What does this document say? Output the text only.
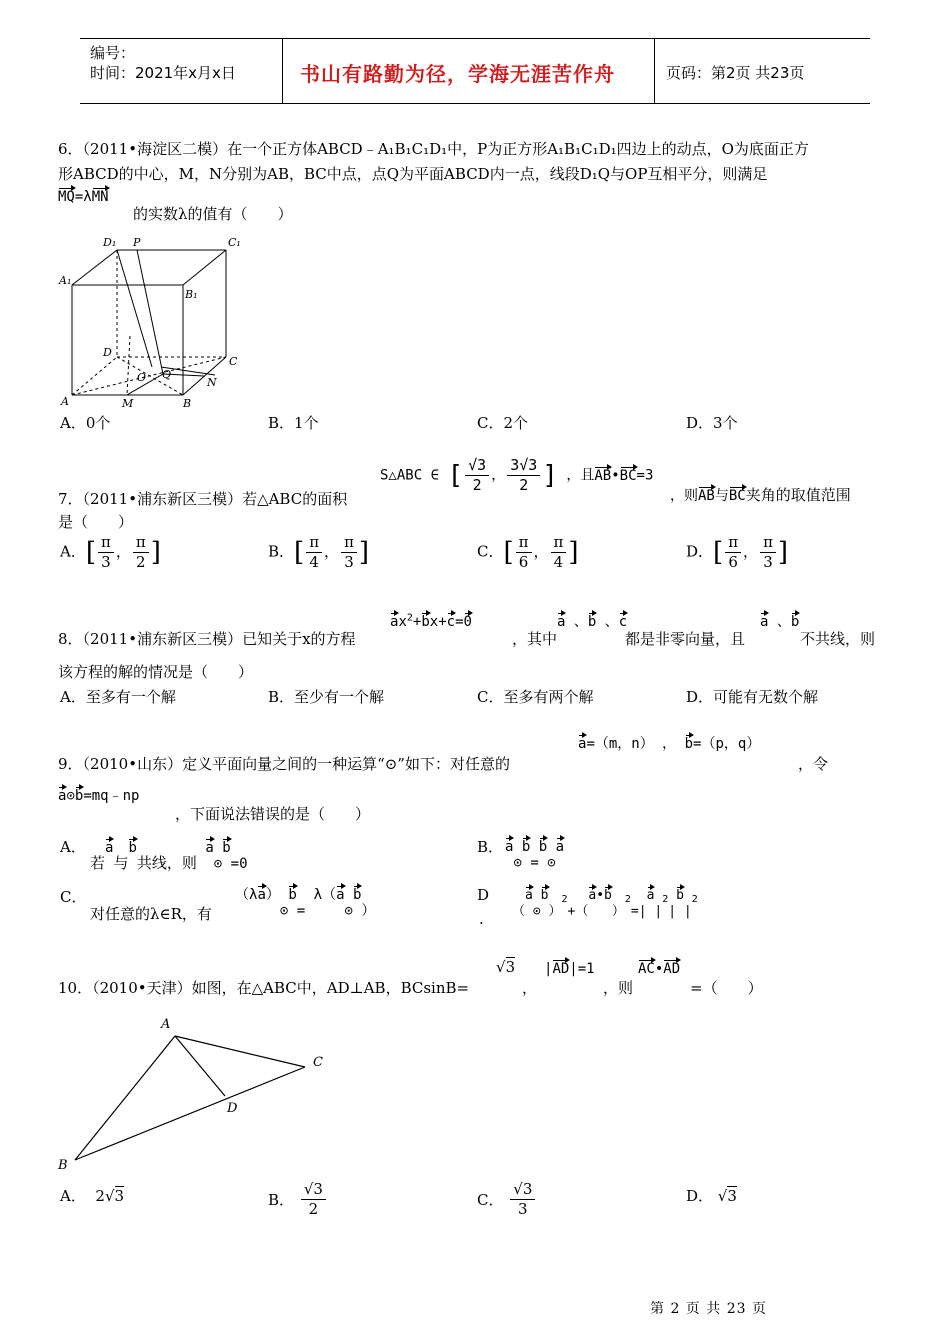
编号：
时间：2021年x月x日	书山有路勤为径，学海无涯苦作舟	页码：第2页 共23页
6．（2011•海淀区二模）在一个正方体ABCD﹣A₁B₁C₁D₁中，P为正方形A₁B₁C₁D₁四边上的动点，O为底面正方
形ABCD的中心，M，N分别为AB，BC中点，点Q为平面ABCD内一点，线段D₁Q与OP互相平分，则满足
MQ=λMN
的实数λ的值有（　　）
D₁ P	C₁
A₁
B₁
D
C
O Q
N
A	M	B
A．0个	B．1个	C．2个	D．3个
7．（2011•浦东新区三模）若△ABC的面积
S△ABC ∈ [ $\frac{√3}{2}$ ， $\frac{3√3}{2}$ ] ，且AB•BC=3
，则AB与BC夹角的取值范围
是（　　）
A．[ $\frac{\pi}{3}$ ， $\frac{\pi}{2}$ ]	B．[ $\frac{\pi}{4}$ ， $\frac{\pi}{3}$ ]	C．[ $\frac{\pi}{6}$ ， $\frac{\pi}{4}$ ]	D．[ $\frac{\pi}{6}$ ， $\frac{\pi}{3}$ ]
8．（2011•浦东新区三模）已知关于x的方程
$ax^2+bx+c=0$
，其中
a 、b 、c
都是非零向量，且
a 、b
不共线，则
该方程的解的情况是（　　）
A．至多有一个解	B．至少有一个解	C．至多有两个解	D．可能有无数个解
9．（2010•山东）定义平面向量之间的一种运算“⊙”如下：对任意的
a=（m，n） ， b=（p，q）
，令
a⊙b=mq﹣np
，下面说法错误的是（　　）
A．
若a与b共线，则 a⊙b=0
B． a⊙b=b⊙a
C．
对任意的λ∈R，有
（λa）⊙b= λ（a⊙b）
D
. $(a⊙b)^2+(a•b)^2=|a|^2|b|^2$
10．（2010•天津）如图，在△ABC中，AD⊥AB，BCsinB=
√3
，
|AD|=1
，则
AC•AD
=（　　）
A
B
C
D
A． 2√3	B． $\frac{√3}{2}$	C． $\frac{√3}{3}$	D． √3
第 2 页 共 23 页
